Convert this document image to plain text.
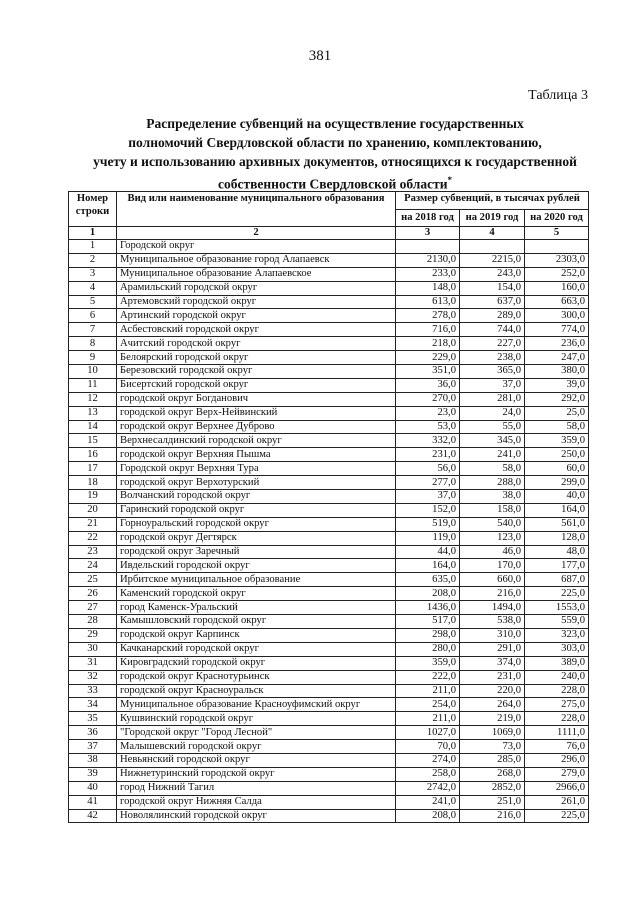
381
Таблица 3
Распределение субвенций на осуществление государственных
полномочий Свердловской области по хранению, комплектованию,
учету и использованию архивных документов, относящихся к государственной
собственности Свердловской области*
Номер строки	Вид или наименование муниципального образования	Размер субвенций, в тысячах рублей		
		на 2018 год	на 2019 год	на 2020 год
1	2	3	4	5
1	Городской округ			
2	Муниципальное образование город Алапаевск	2130,0	2215,0	2303,0
3	Муниципальное образование Алапаевское	233,0	243,0	252,0
4	Арамильский городской округ	148,0	154,0	160,0
5	Артемовский городской округ	613,0	637,0	663,0
6	Артинский городской округ	278,0	289,0	300,0
7	Асбестовский городской округ	716,0	744,0	774,0
8	Ачитский городской округ	218,0	227,0	236,0
9	Белоярский городской округ	229,0	238,0	247,0
10	Березовский городской округ	351,0	365,0	380,0
11	Бисертский городской округ	36,0	37,0	39,0
12	городской округ Богданович	270,0	281,0	292,0
13	городской округ Верх-Нейвинский	23,0	24,0	25,0
14	городской округ Верхнее Дуброво	53,0	55,0	58,0
15	Верхнесалдинский городской округ	332,0	345,0	359,0
16	городской округ Верхняя Пышма	231,0	241,0	250,0
17	Городской округ Верхняя Тура	56,0	58,0	60,0
18	городской округ Верхотурский	277,0	288,0	299,0
19	Волчанский городской округ	37,0	38,0	40,0
20	Гаринский городской округ	152,0	158,0	164,0
21	Горноуральский городской округ	519,0	540,0	561,0
22	городской округ Дегтярск	119,0	123,0	128,0
23	городской округ Заречный	44,0	46,0	48,0
24	Ивдельский городской округ	164,0	170,0	177,0
25	Ирбитское муниципальное образование	635,0	660,0	687,0
26	Каменский городской округ	208,0	216,0	225,0
27	город Каменск-Уральский	1436,0	1494,0	1553,0
28	Камышловский городской округ	517,0	538,0	559,0
29	городской округ Карпинск	298,0	310,0	323,0
30	Качканарский городской округ	280,0	291,0	303,0
31	Кировградский городской округ	359,0	374,0	389,0
32	городской округ Краснотурьинск	222,0	231,0	240,0
33	городской округ Красноуральск	211,0	220,0	228,0
34	Муниципальное образование Красноуфимский округ	254,0	264,0	275,0
35	Кушвинский городской округ	211,0	219,0	228,0
36	"Городской округ "Город Лесной"	1027,0	1069,0	1111,0
37	Малышевский городской округ	70,0	73,0	76,0
38	Невьянский городской округ	274,0	285,0	296,0
39	Нижнетуринский городской округ	258,0	268,0	279,0
40	город Нижний Тагил	2742,0	2852,0	2966,0
41	городской округ Нижняя Салда	241,0	251,0	261,0
42	Новолялинский городской округ	208,0	216,0	225,0
